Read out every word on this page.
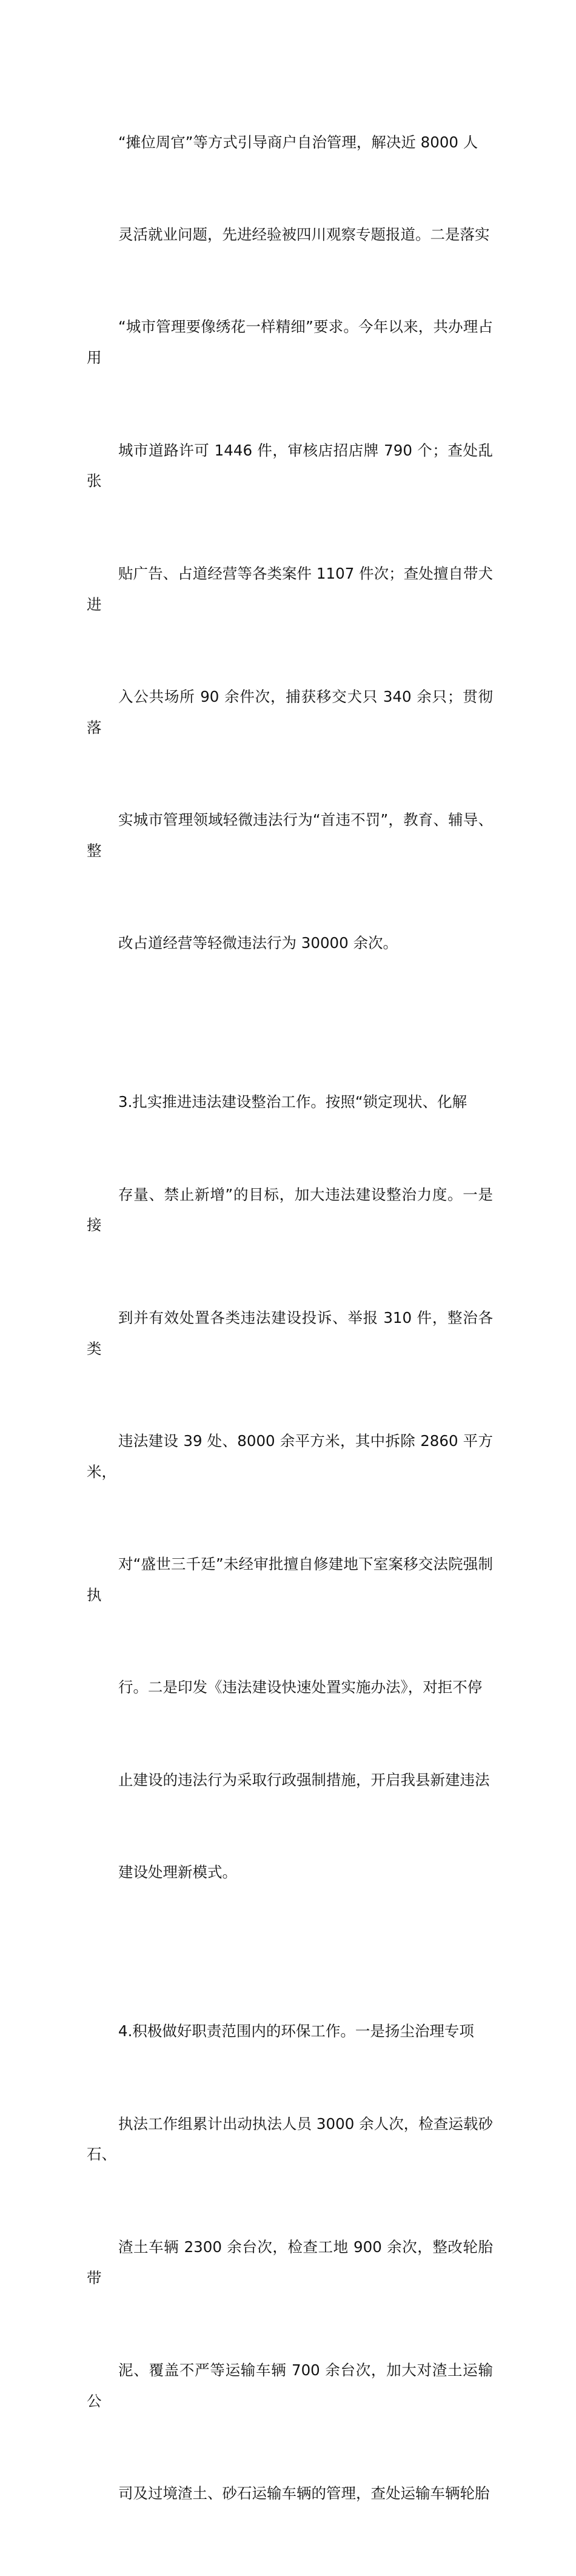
“摊位周官”等方式引导商户自治管理，解决近 8000 人

灵活就业问题，先进经验被四川观察专题报道。二是落实

“城市管理要像绣花一样精细”要求。今年以来，共办理占用

城市道路许可 1446 件，审核店招店牌 790 个；查处乱张

贴广告、占道经营等各类案件 1107 件次；查处擅自带犬进

入公共场所 90 余件次，捕获移交犬只 340 余只；贯彻落

实城市管理领域轻微违法行为“首违不罚”，教育、辅导、整

改占道经营等轻微违法行为 30000 余次。

3.扎实推进违法建设整治工作。按照“锁定现状、化解

存量、禁止新增”的目标，加大违法建设整治力度。一是接

到并有效处置各类违法建设投诉、举报 310 件，整治各类

违法建设 39 处、8000 余平方米，其中拆除 2860 平方米，

对“盛世三千廷”未经审批擅自修建地下室案移交法院强制执

行。二是印发《违法建设快速处置实施办法》，对拒不停

止建设的违法行为采取行政强制措施，开启我县新建违法

建设处理新模式。

4.积极做好职责范围内的环保工作。一是扬尘治理专项

执法工作组累计出动执法人员 3000 余人次，检查运载砂石、

渣土车辆 2300 余台次，检查工地 900 余次，整改轮胎带

泥、覆盖不严等运输车辆 700 余台次，加大对渣土运输公

司及过境渣土、砂石运输车辆的管理，查处运输车辆轮胎
